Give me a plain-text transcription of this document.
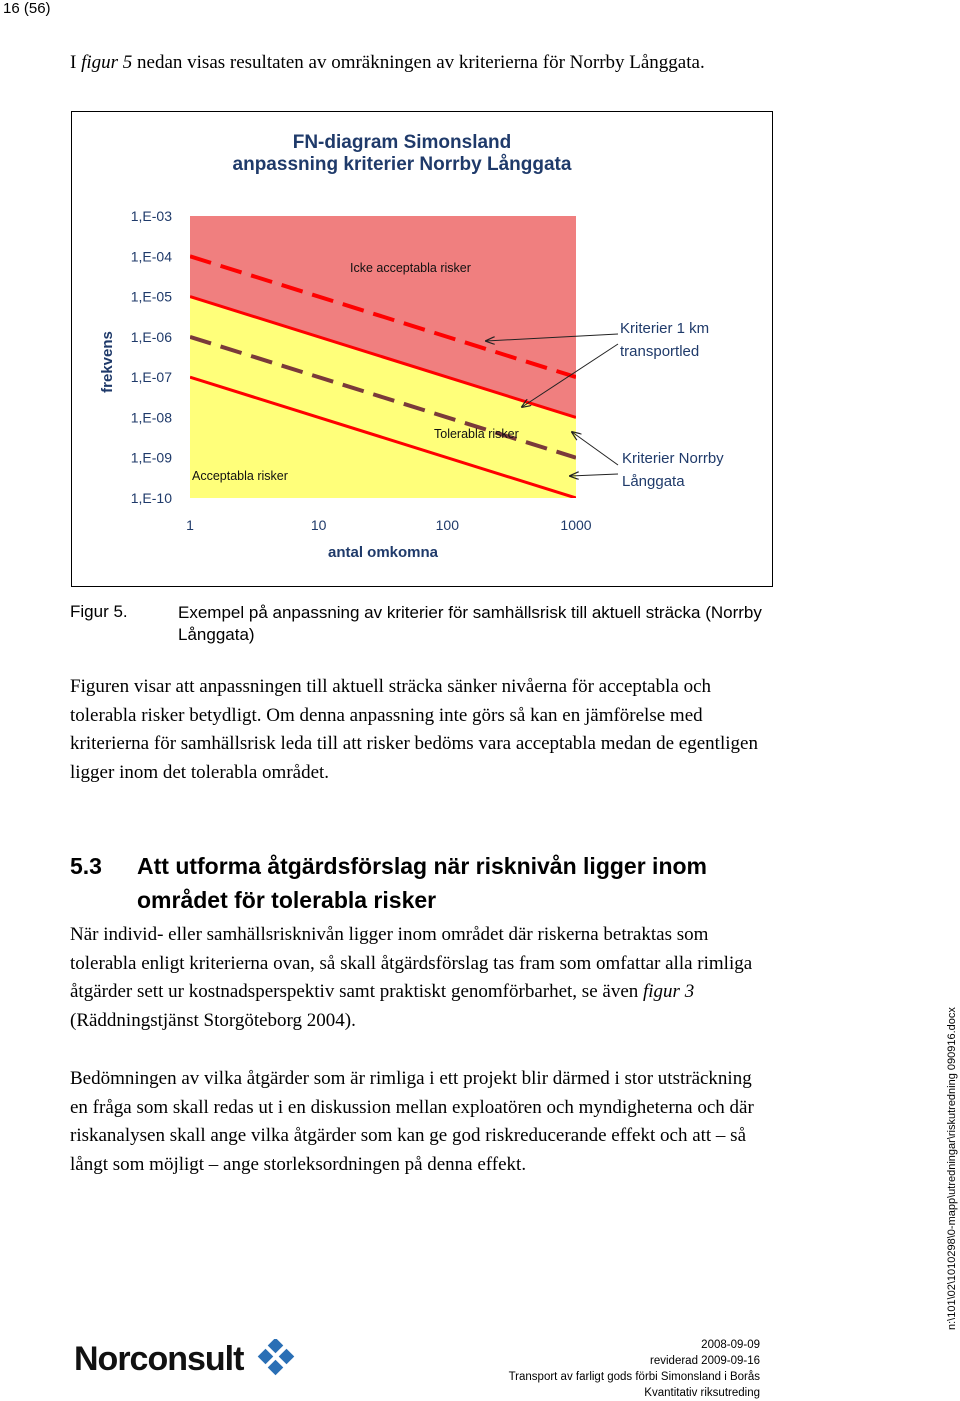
16 (56)
I figur 5 nedan visas resultaten av omräkningen av kriterierna för Norrby Långgata.
FN-diagram Simonsland
anpassning kriterier Norrby Långgata
frekvens
1,E-03
1,E-04
1,E-05
1,E-06
1,E-07
1,E-08
1,E-09
1,E-10
1	10	100	1000
antal omkomna
Icke acceptabla risker
Tolerabla risker
Acceptabla risker
Kriterier 1 km
transportled
Kriterier Norrby
Långgata
Figur 5.	Exempel på anpassning av kriterier för samhällsrisk till aktuell sträcka (Norrby Långgata)
Figuren visar att anpassningen till aktuell sträcka sänker nivåerna för acceptabla och tolerabla risker betydligt. Om denna anpassning inte görs så kan en jämförelse med kriterierna för samhällsrisk leda till att risker bedöms vara acceptabla medan de egentligen ligger inom det tolerabla området.
5.3 Att utforma åtgärdsförslag när risknivån ligger inom området för tolerabla risker
När individ- eller samhällsrisknivån ligger inom området där riskerna betraktas som tolerabla enligt kriterierna ovan, så skall åtgärdsförslag tas fram som omfattar alla rimliga åtgärder sett ur kostnadsperspektiv samt praktiskt genomförbarhet, se även figur 3 (Räddningstjänst Storgöteborg 2004).
Bedömningen av vilka åtgärder som är rimliga i ett projekt blir därmed i stor utsträckning en fråga som skall redas ut i en diskussion mellan exploatören och myndigheterna och där riskanalysen skall ange vilka åtgärder som kan ge god riskreducerande effekt och att – så långt som möjligt – ange storleksordningen på denna effekt.	n:\101\02\1010298\0-mapp\utredningar\riskutredning 090916.docx
Norconsult	2008-09-09
reviderad 2009-09-16
Transport av farligt gods förbi Simonsland i Borås
Kvantitativ riksutreding
